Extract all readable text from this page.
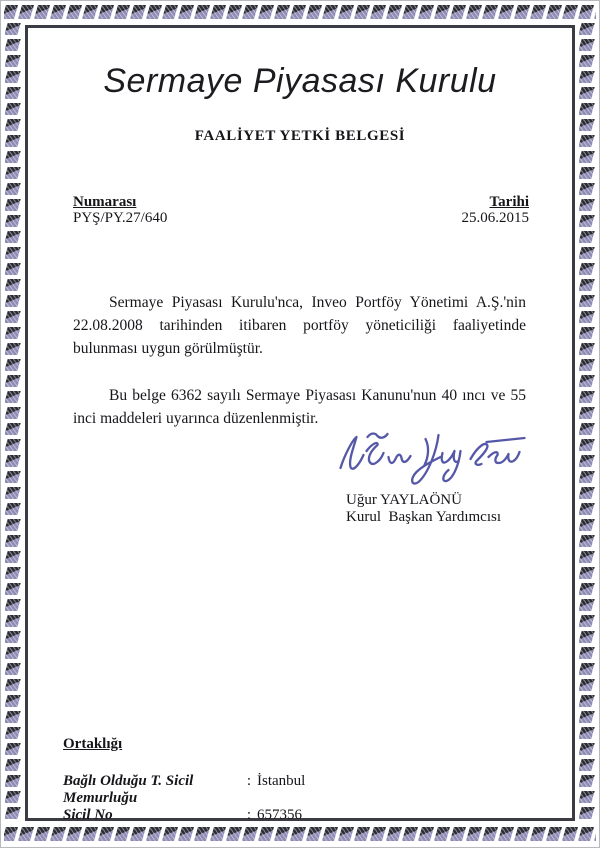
Sermaye Piyasası Kurulu
FAALİYET YETKİ BELGESİ
Numarası
PYŞ/PY.27/640
Tarihi
25.06.2015

Sermaye Piyasası Kurulu'nca, Inveo Portföy Yönetimi A.Ş.'nin 22.08.2008 tarihinden itibaren portföy yöneticiliği faaliyetinde bulunması uygun görülmüştür.

Bu belge 6362 sayılı Sermaye Piyasası Kanunu'nun 40 ıncı ve 55 inci maddeleri uyarınca düzenlenmiştir.

Uğur YAYLAÖNÜ
Kurul  Başkan Yardımcısı
Ortaklığı
Bağlı Olduğu T. Sicil Memurluğu
: İstanbul
Sicil No	: 657356
